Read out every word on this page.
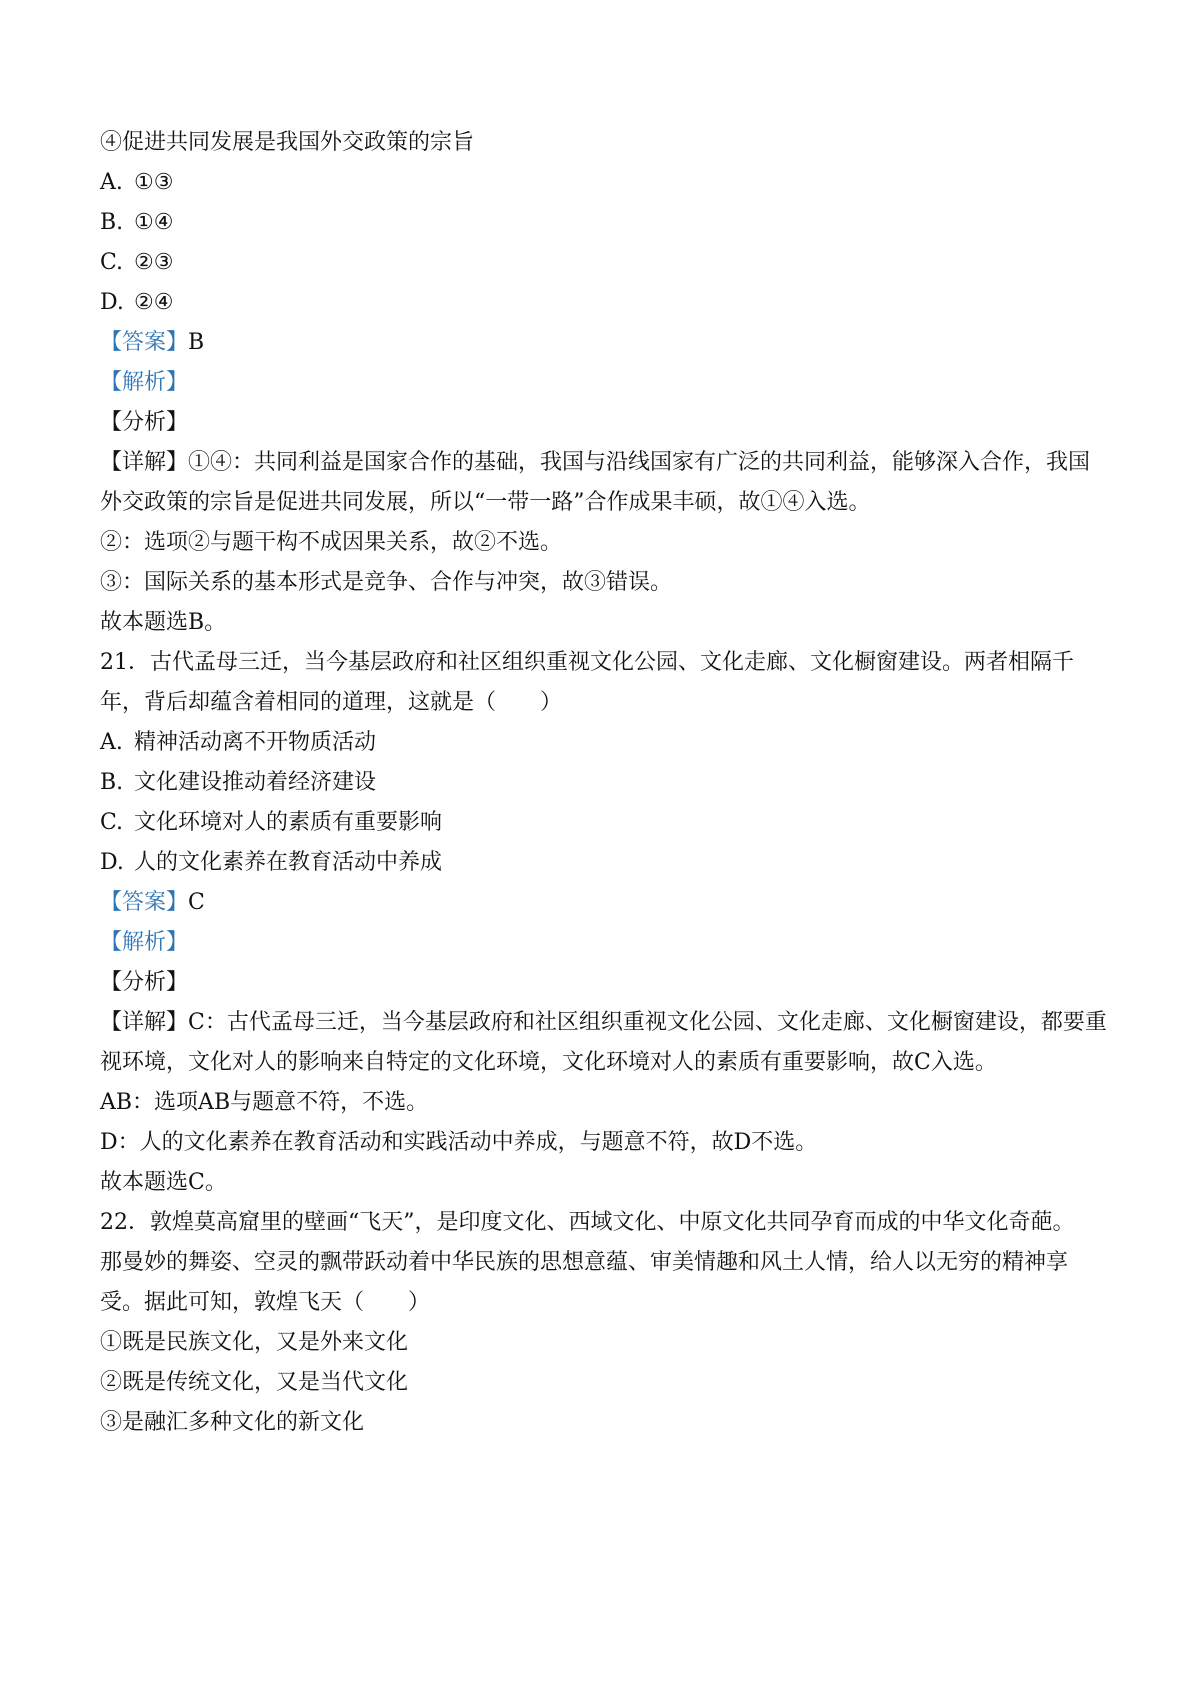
④促进共同发展是我国外交政策的宗旨
A. ①③
B. ①④
C. ②③
D. ②④
【答案】B
【解析】
【分析】
【详解】①④：共同利益是国家合作的基础，我国与沿线国家有广泛的共同利益，能够深入合作，我国
外交政策的宗旨是促进共同发展，所以“一带一路”合作成果丰硕，故①④入选。
②：选项②与题干构不成因果关系，故②不选。
③：国际关系的基本形式是竞争、合作与冲突，故③错误。
故本题选B。
21．古代孟母三迁，当今基层政府和社区组织重视文化公园、文化走廊、文化橱窗建设。两者相隔千
年，背后却蕴含着相同的道理，这就是（　　）
A. 精神活动离不开物质活动
B. 文化建设推动着经济建设
C. 文化环境对人的素质有重要影响
D. 人的文化素养在教育活动中养成
【答案】C
【解析】
【分析】
【详解】C：古代孟母三迁，当今基层政府和社区组织重视文化公园、文化走廊、文化橱窗建设，都要重
视环境，文化对人的影响来自特定的文化环境，文化环境对人的素质有重要影响，故C入选。
AB：选项AB与题意不符，不选。
D：人的文化素养在教育活动和实践活动中养成，与题意不符，故D不选。
故本题选C。
22．敦煌莫高窟里的壁画“飞天”，是印度文化、西域文化、中原文化共同孕育而成的中华文化奇葩。
那曼妙的舞姿、空灵的飘带跃动着中华民族的思想意蕴、审美情趣和风土人情，给人以无穷的精神享
受。据此可知，敦煌飞天（　　）
①既是民族文化，又是外来文化
②既是传统文化，又是当代文化
③是融汇多种文化的新文化
